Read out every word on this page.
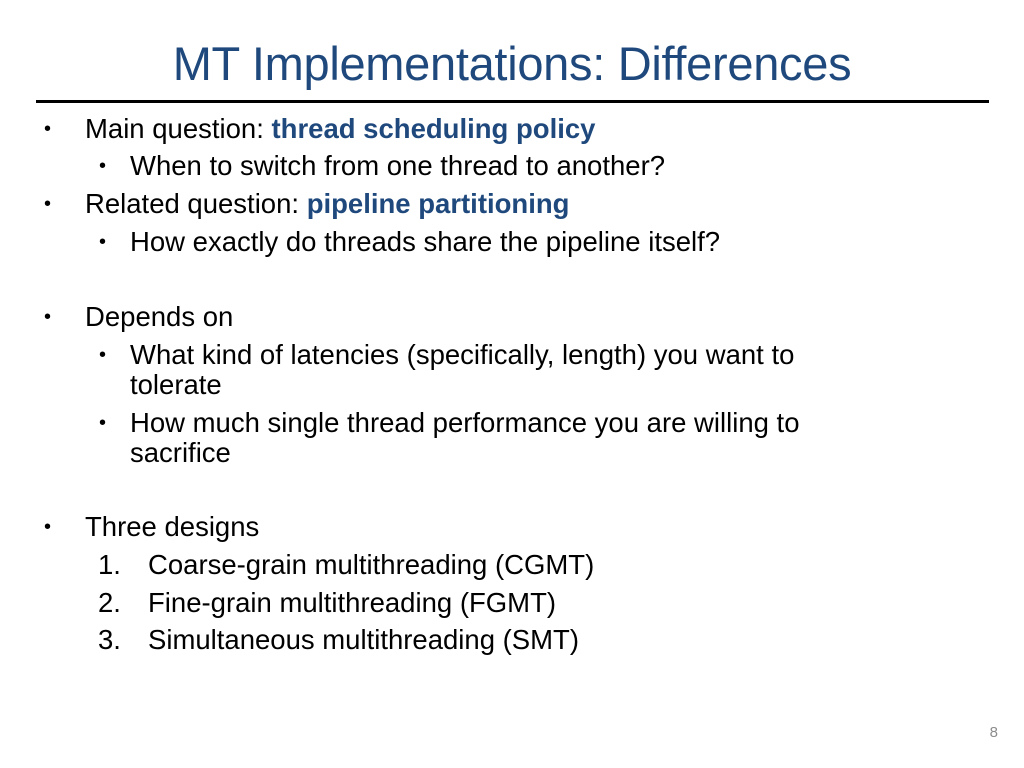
MT Implementations: Differences
• Main question: thread scheduling policy
• When to switch from one thread to another?
• Related question: pipeline partitioning
• How exactly do threads share the pipeline itself?
• Depends on
• What kind of latencies (specifically, length) you want to
tolerate
• How much single thread performance you are willing to
sacrifice
• Three designs
1. Coarse-grain multithreading (CGMT)
2. Fine-grain multithreading (FGMT)
3. Simultaneous multithreading (SMT)
8
